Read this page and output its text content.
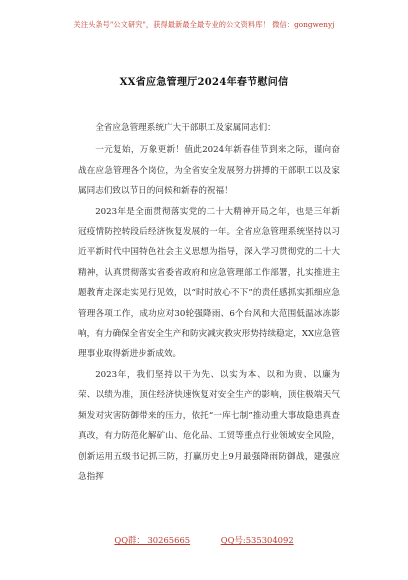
关注头条号"公文研究"，获得最新最全最专业的公文资料库！ 微信：gongwenyj
XX省应急管理厅2024年春节慰问信

全省应急管理系统广大干部职工及家属同志们：

一元复始，万象更新！值此2024年新春佳节到来之际，谨向奋战在应急管理各个岗位，为全省安全发展努力拼搏的干部职工以及家属同志们致以节日的问候和新春的祝福！

2023年是全面贯彻落实党的二十大精神开局之年，也是三年新冠疫情防控转段后经济恢复发展的一年。全省应急管理系统坚持以习近平新时代中国特色社会主义思想为指导，深入学习贯彻党的二十大精神，认真贯彻落实省委省政府和应急管理部工作部署，扎实推进主题教育走深走实见行见效，以“时时放心不下”的责任感抓实抓细应急管理各项工作，成功应对30轮强降雨、6个台风和大范围低温冰冻影响，有力确保全省安全生产和防灾减灾救灾形势持续稳定，XX应急管理事业取得新进步新成效。

2023年，我们坚持以干为先、以实为本、以和为贵、以廉为荣、以绩为准，顶住经济快速恢复对安全生产的影响，顶住极端天气频发对灾害防御带来的压力，依托“一库七制”推动重大事故隐患真查真改，有力防范化解矿山、危化品、工贸等重点行业领域安全风险，创新运用五级书记抓三防，打赢历史上9月最强降雨防御战，建强应急指挥

QQ群： 30265665	QQ号:535304092
